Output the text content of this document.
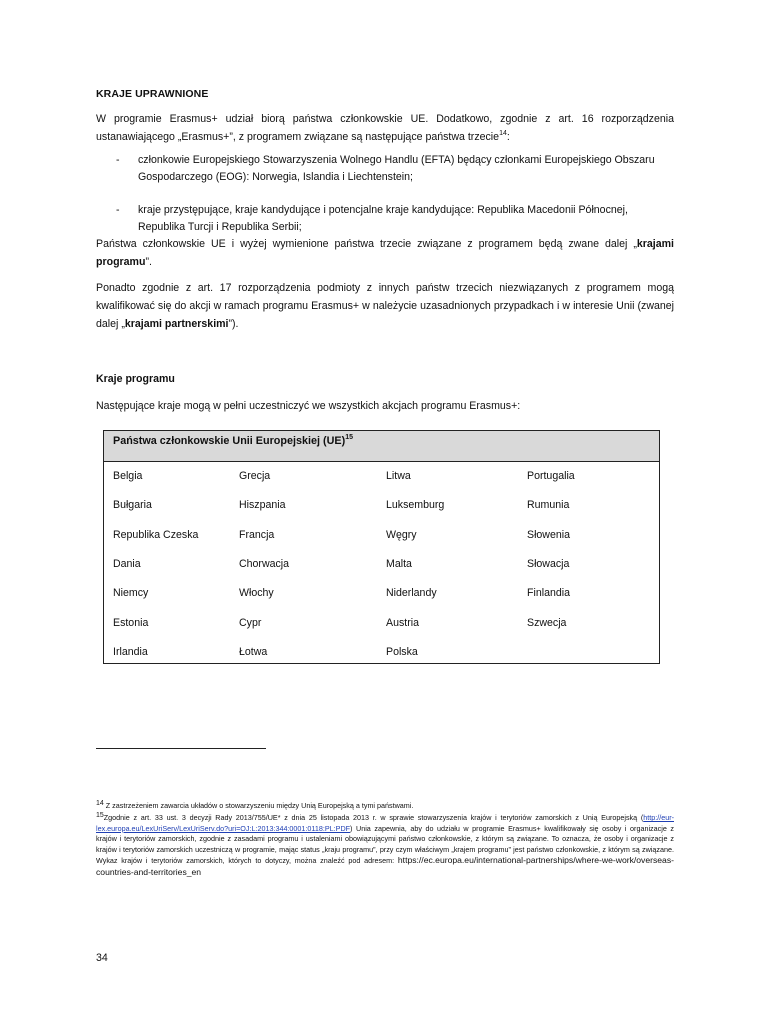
KRAJE UPRAWNIONE
W programie Erasmus+ udział biorą państwa członkowskie UE. Dodatkowo, zgodnie z art. 16 rozporządzenia ustanawiającego „Erasmus+”, z programem związane są następujące państwa trzecie$^{14}$:
- członkowie Europejskiego Stowarzyszenia Wolnego Handlu (EFTA) będący członkami Europejskiego Obszaru Gospodarczego (EOG): Norwegia, Islandia i Liechtenstein;
- kraje przystępujące, kraje kandydujące i potencjalne kraje kandydujące: Republika Macedonii Północnej, Republika Turcji i Republika Serbii;
Państwa członkowskie UE i wyżej wymienione państwa trzecie związane z programem będą zwane dalej „krajami programu”.
Ponadto zgodnie z art. 17 rozporządzenia podmioty z innych państw trzecich niezwiązanych z programem mogą kwalifikować się do akcji w ramach programu Erasmus+ w należycie uzasadnionych przypadkach i w interesie Unii (zwanej dalej „krajami partnerskimi”).
Kraje programu
Następujące kraje mogą w pełni uczestniczyć we wszystkich akcjach programu Erasmus+:
Państwa członkowskie Unii Europejskiej (UE)$^{15}$
Belgia	Grecja	Litwa	Portugalia
Bułgaria	Hiszpania	Luksemburg	Rumunia
Republika Czeska	Francja	Węgry	Słowenia
Dania	Chorwacja	Malta	Słowacja
Niemcy	Włochy	Niderlandy	Finlandia
Estonia	Cypr	Austria	Szwecja
Irlandia	Łotwa	Polska
14 Z zastrzeżeniem zawarcia układów o stowarzyszeniu między Unią Europejską a tymi państwami.
15Zgodnie z art. 33 ust. 3 decyzji Rady 2013/755/UE* z dnia 25 listopada 2013 r. w sprawie stowarzyszenia krajów i terytoriów zamorskich z Unią Europejską (http://eur-lex.europa.eu/LexUriServ/LexUriServ.do?uri=OJ:L:2013:344:0001:0118:PL:PDF) Unia zapewnia, aby do udziału w programie Erasmus+ kwalifikowały się osoby i organizacje z krajów i terytoriów zamorskich, zgodnie z zasadami programu i ustaleniami obowiązującymi państwo członkowskie, z którym są związane. To oznacza, że osoby i organizacje z krajów i terytoriów zamorskich uczestniczą w programie, mając status „kraju programu”, przy czym właściwym „krajem programu” jest państwo członkowskie, z którym są związane. Wykaz krajów i terytoriów zamorskich, których to dotyczy, można znaleźć pod adresem: https://ec.europa.eu/international-partnerships/where-we-work/overseas-countries-and-territories_en
34
